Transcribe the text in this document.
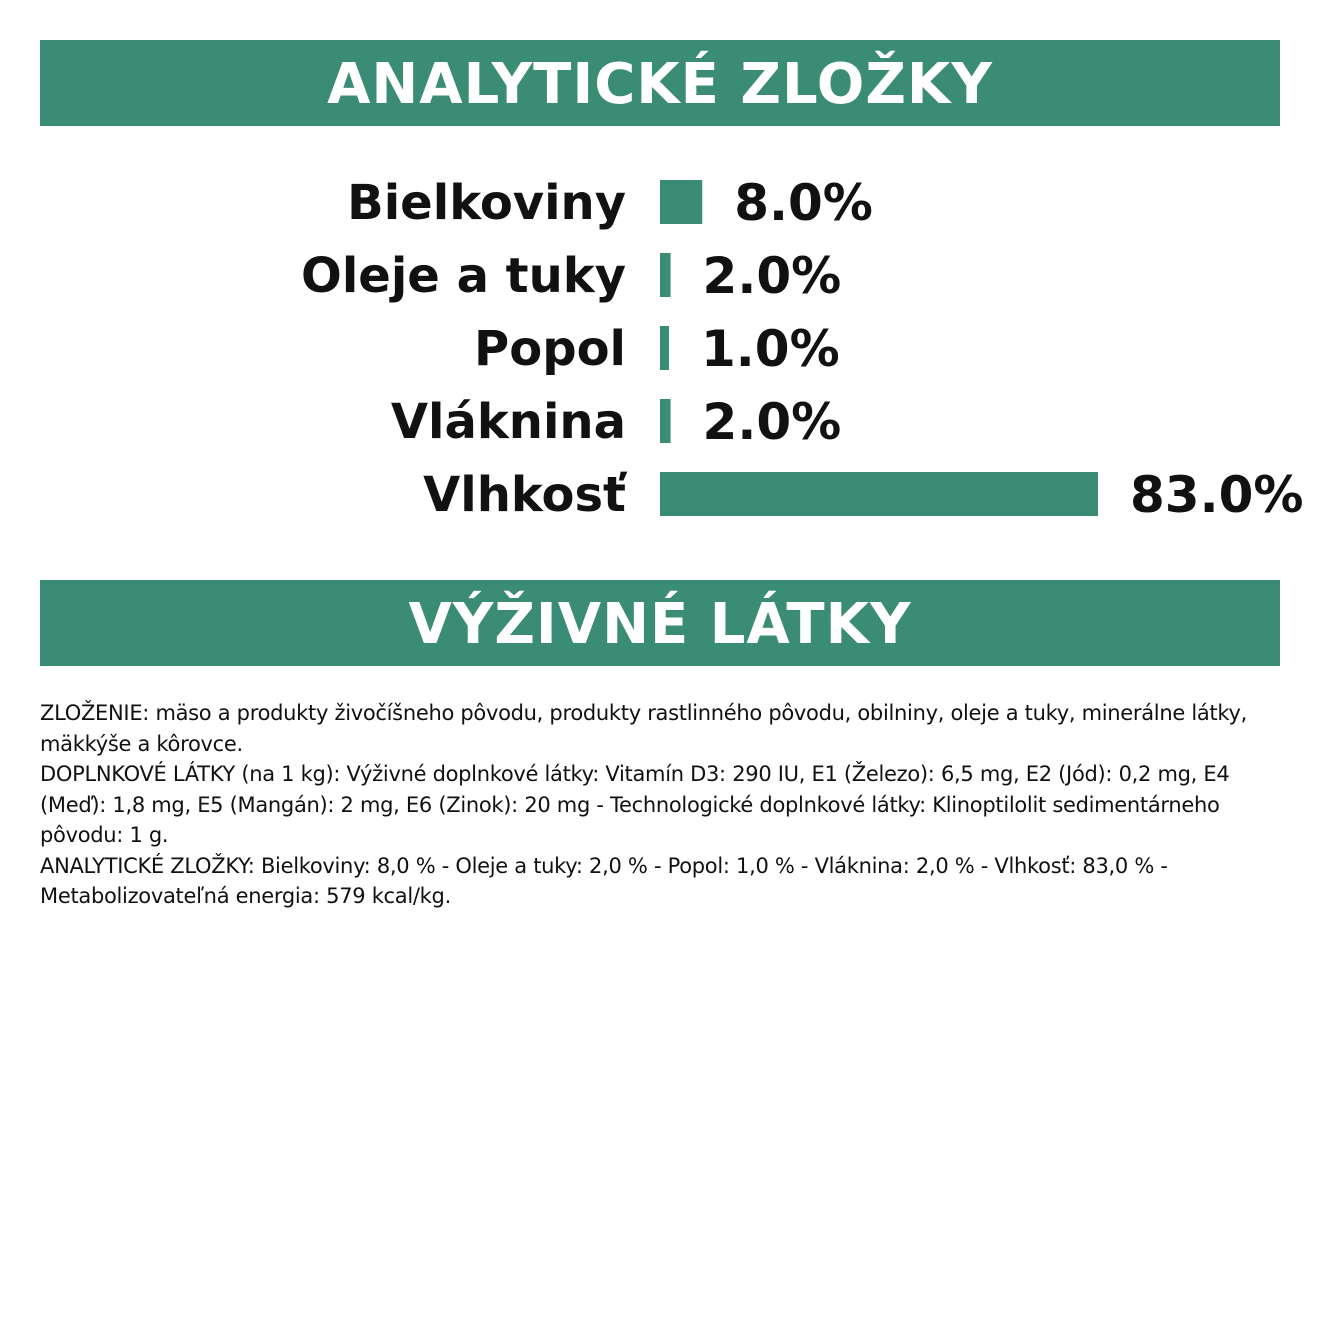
ANALYTICKÉ ZLOŽKY
Bielkoviny 8.0%
Oleje a tuky 2.0%
Popol 1.0%
Vláknina 2.0%
Vlhkosť	83.0%
VÝŽIVNÉ LÁTKY

ZLOŽENIE: mäso a produkty živočíšneho pôvodu, produkty rastlinného pôvodu, obilniny, oleje a tuky, minerálne látky, mäkkýše a kôrovce.

DOPLNKOVÉ LÁTKY (na 1 kg): Výživné doplnkové látky: Vitamín D3: 290 IU, E1 (Železo): 6,5 mg, E2 (Jód): 0,2 mg, E4 (Meď): 1,8 mg, E5 (Mangán): 2 mg, E6 (Zinok): 20 mg - Technologické doplnkové látky: Klinoptilolit sedimentárneho pôvodu: 1 g.

ANALYTICKÉ ZLOŽKY: Bielkoviny: 8,0 % - Oleje a tuky: 2,0 % - Popol: 1,0 % - Vláknina: 2,0 % - Vlhkosť: 83,0 % - Metabolizovateľná energia: 579 kcal/kg.
